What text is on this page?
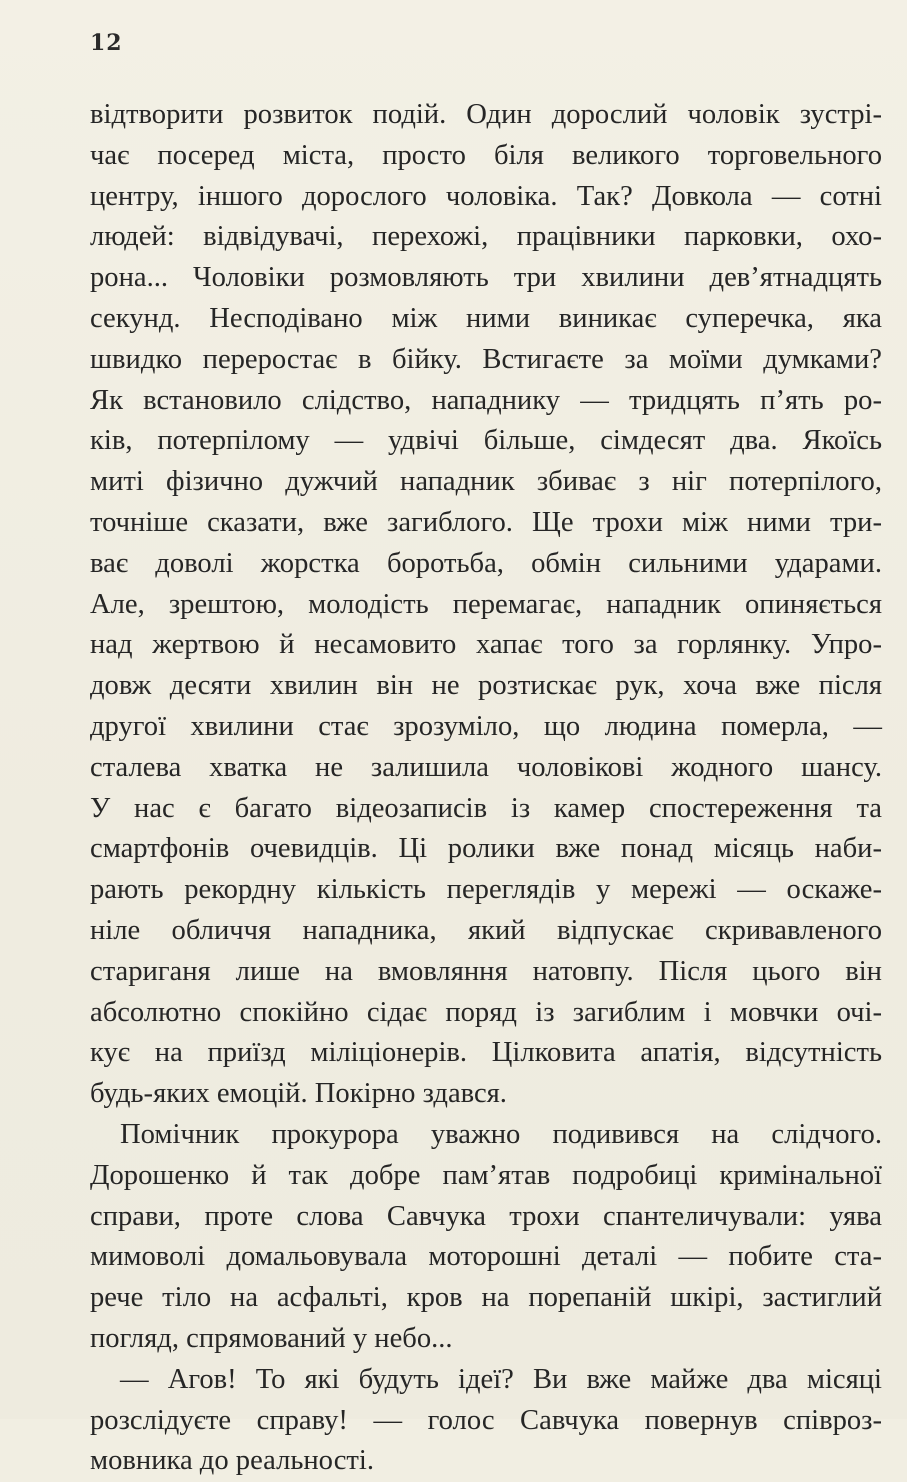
12
відтворити розвиток подій. Один дорослий чоловік зустрі-
чає посеред міста, просто біля великого торговельного
центру, іншого дорослого чоловіка. Так? Довкола — сотні
людей: відвідувачі, перехожі, працівники парковки, охо-
рона... Чоловіки розмовляють три хвилини дев’ятнадцять
секунд. Несподівано між ними виникає суперечка, яка
швидко переростає в бійку. Встигаєте за моїми думками?
Як встановило слідство, нападнику — тридцять п’ять ро-
ків, потерпілому — удвічі більше, сімдесят два. Якоїсь
миті фізично дужчий нападник збиває з ніг потерпілого,
точніше сказати, вже загиблого. Ще трохи між ними три-
ває доволі жорстка боротьба, обмін сильними ударами.
Але, зрештою, молодість перемагає, нападник опиняється
над жертвою й несамовито хапає того за горлянку. Упро-
довж десяти хвилин він не розтискає рук, хоча вже після
другої хвилини стає зрозуміло, що людина померла, —
сталева хватка не залишила чоловікові жодного шансу.
У нас є багато відеозаписів із камер спостереження та
смартфонів очевидців. Ці ролики вже понад місяць наби-
рають рекордну кількість переглядів у мережі — оскаже-
ніле обличчя нападника, який відпускає скривавленого
стариганя лише на вмовляння натовпу. Після цього він
абсолютно спокійно сідає поряд із загиблим і мовчки очі-
кує на приїзд міліціонерів. Цілковита апатія, відсутність
будь-яких емоцій. Покірно здався.
Помічник прокурора уважно подивився на слідчого.
Дорошенко й так добре пам’ятав подробиці кримінальної
справи, проте слова Савчука трохи спантеличували: уява
мимоволі домальовувала моторошні деталі — побите ста-
рече тіло на асфальті, кров на порепаній шкірі, застиглий
погляд, спрямований у небо...
— Агов! То які будуть ідеї? Ви вже майже два місяці
розслідуєте справу! — голос Савчука повернув співроз-
мовника до реальності.
